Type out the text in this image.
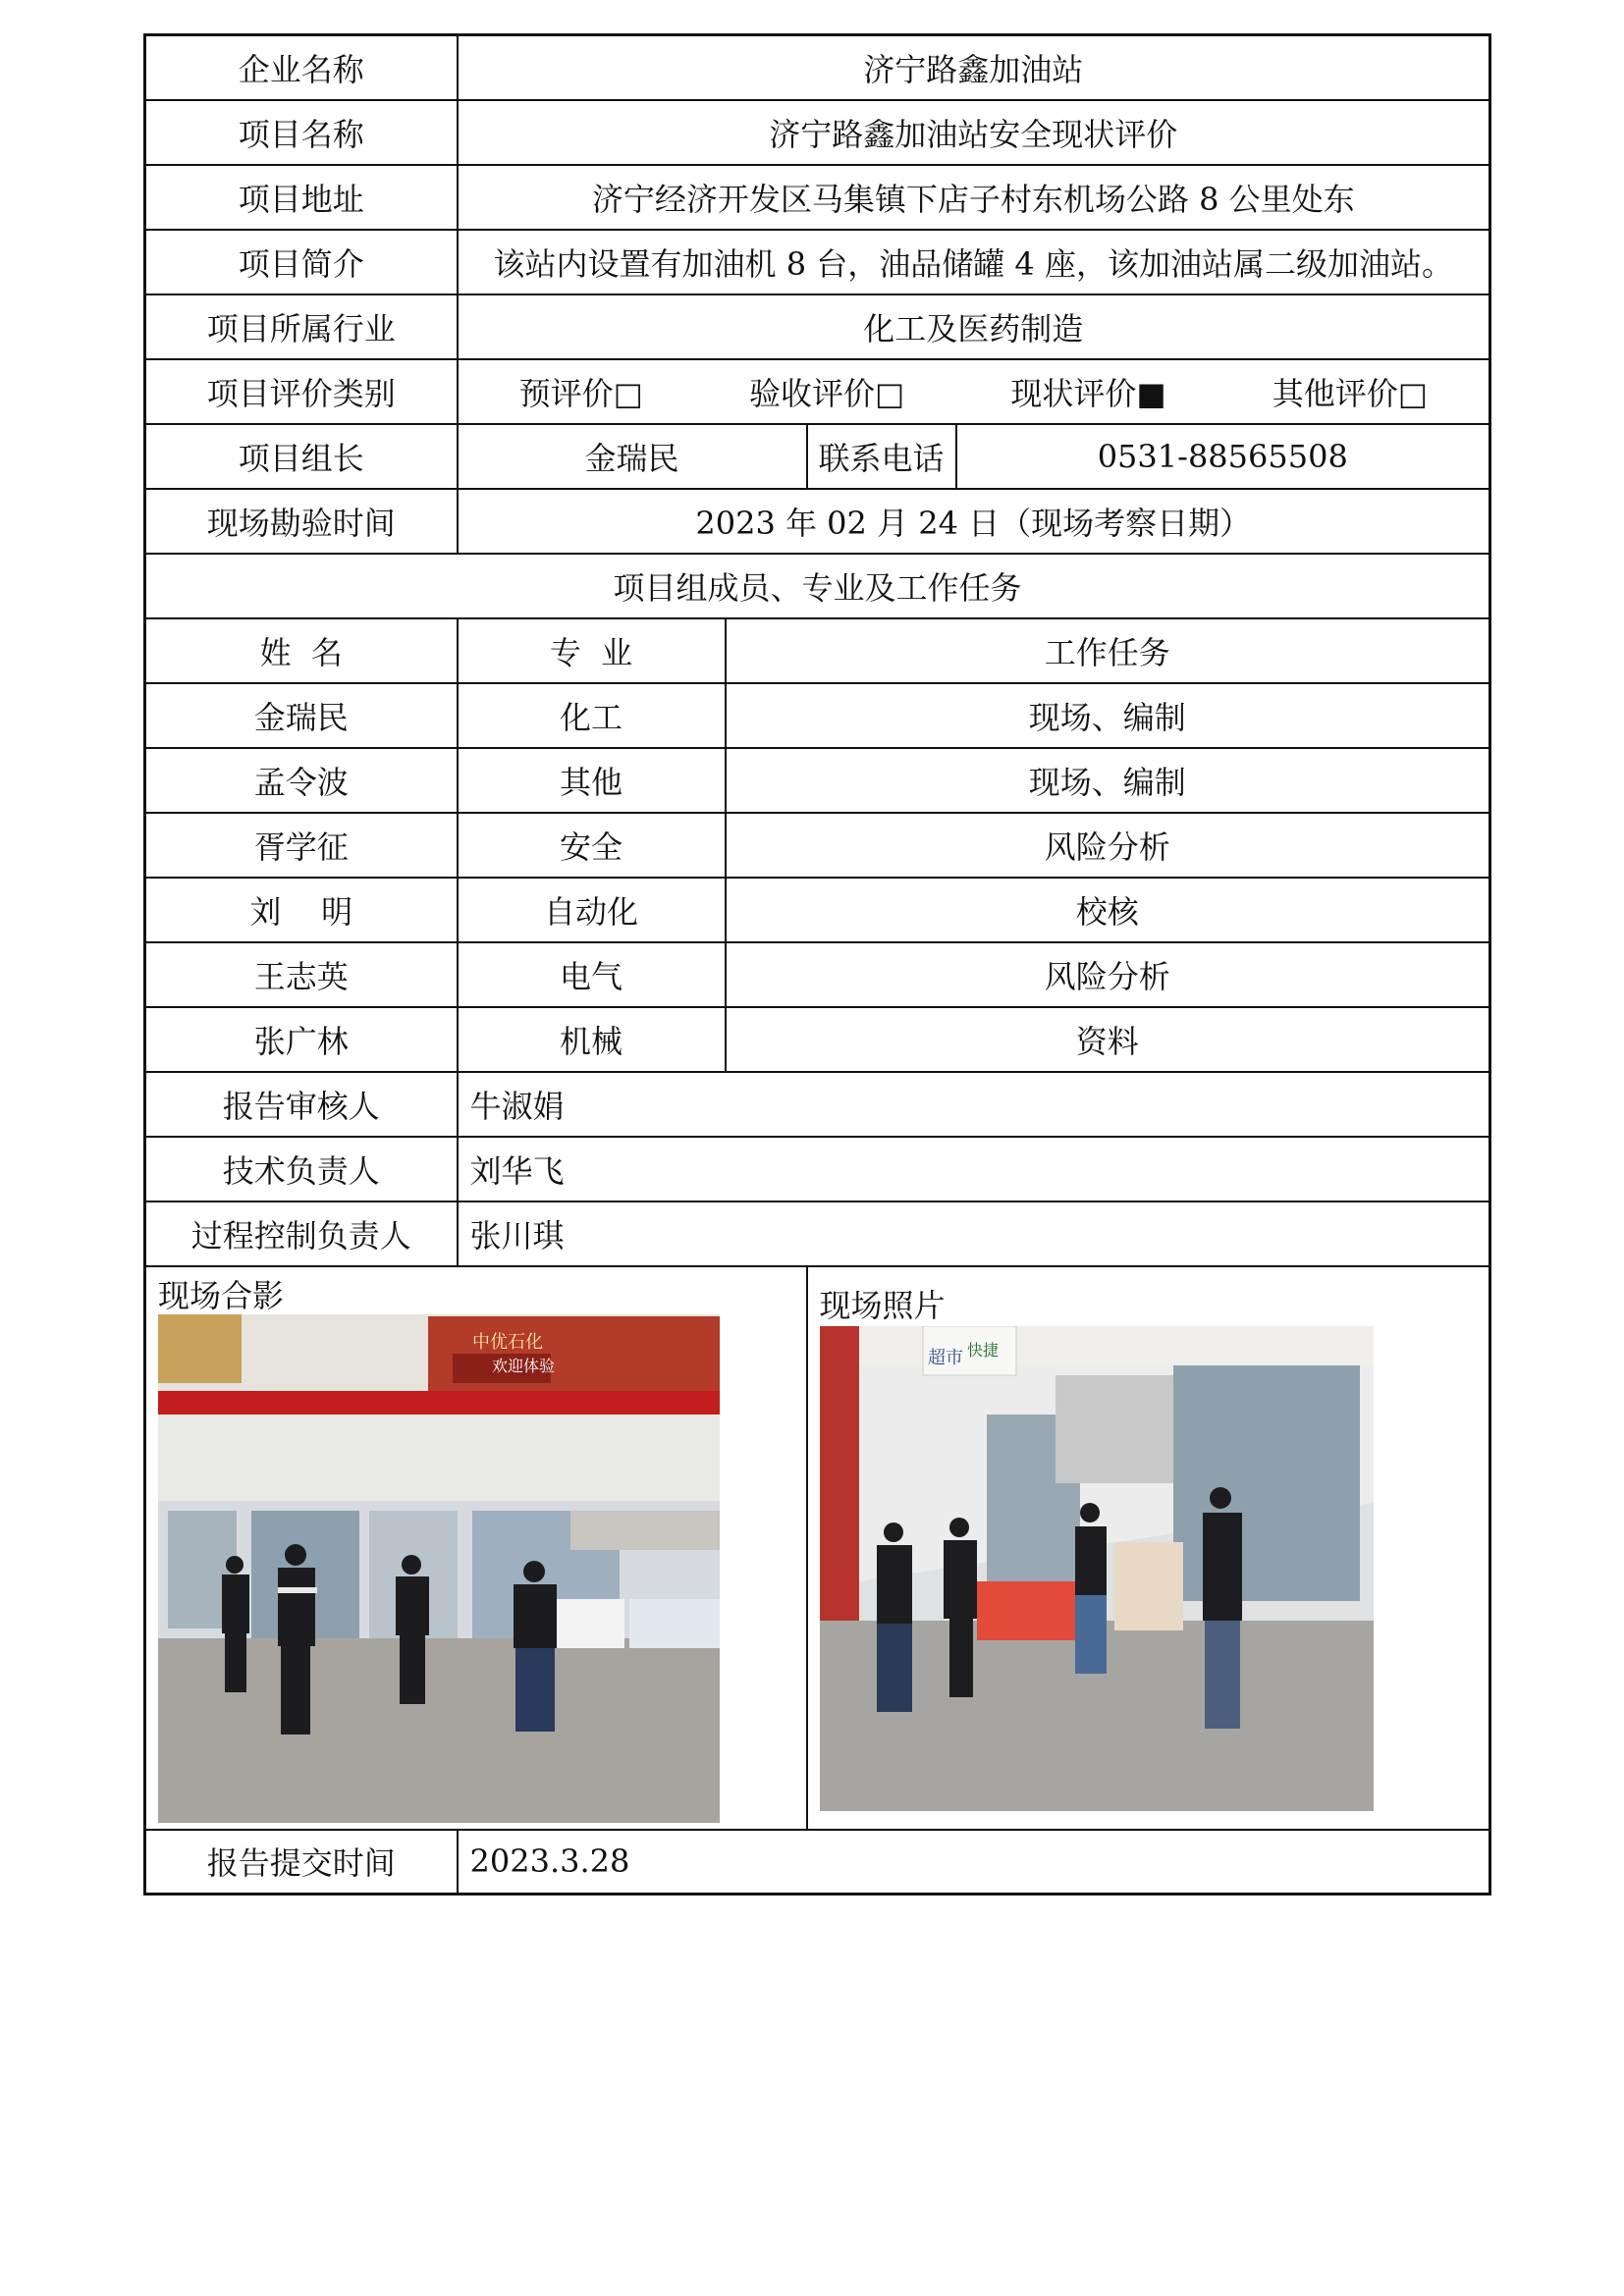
企业名称	济宁路鑫加油站			
项目名称	济宁路鑫加油站安全现状评价			
项目地址	济宁经济开发区马集镇下店子村东机场公路 8 公里处东			
项目简介	该站内设置有加油机 8 台，油品储罐 4 座，该加油站属二级加油站。			
项目所属行业	化工及医药制造			
项目评价类别	预评价□ 验收评价□ 现状评价■ 其他评价□			

项目组长	金瑞民		联系电话	0531-88565508
现场勘验时间	2023 年 02 月 24 日（现场考察日期）			
项目组成员、专业及工作任务				
姓  名	专  业	工作任务		
金瑞民	化工	现场、编制		
孟令波	其他	现场、编制		
胥学征	安全	风险分析		
刘    明	自动化	校核		
王志英	电气	风险分析		
张广林	机械	资料		
报告审核人	牛淑娟			
技术负责人	刘华飞			
过程控制负责人	张川琪			

现场合影
中优石化
欢迎体验			现场照片
超市 快捷	

报告提交时间	2023.3.28			
